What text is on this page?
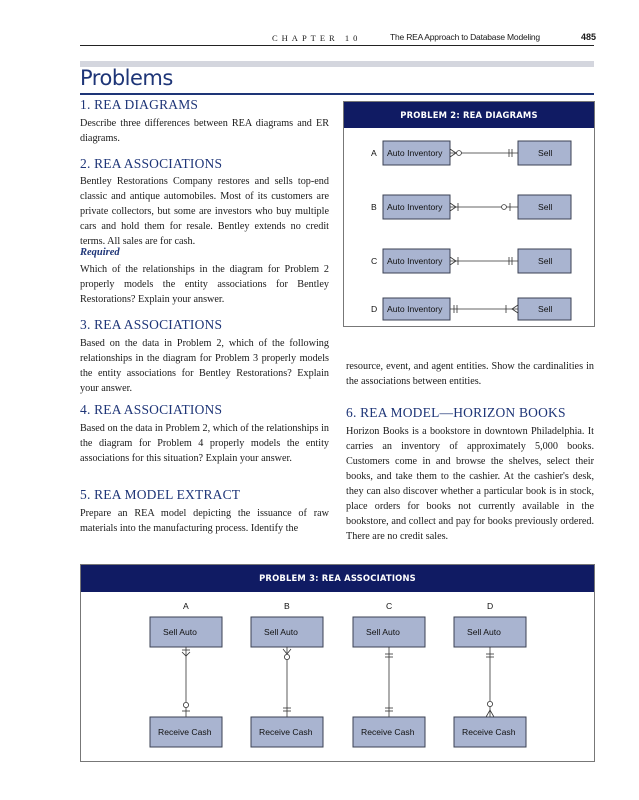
CHAPTER 10	The REA Approach to Database Modeling	485
Problems
1. REA DIAGRAMS

Describe three differences between REA diagrams and ER diagrams.

2. REA ASSOCIATIONS

Bentley Restorations Company restores and sells top-end classic and antique automobiles. Most of its customers are private collectors, but some are investors who buy multiple cars and hold them for resale. Bentley extends no credit terms. All sales are for cash.

Required

Which of the relationships in the diagram for Problem 2 properly models the entity associations for Bentley Restorations? Explain your answer.

3. REA ASSOCIATIONS

Based on the data in Problem 2, which of the following relationships in the diagram for Problem 3 properly models the entity associations for Bentley Restorations? Explain your answer.

4. REA ASSOCIATIONS

Based on the data in Problem 2, which of the relationships in the diagram for Problem 4 properly models the entity associations for this situation? Explain your answer.

5. REA MODEL EXTRACT

Prepare an REA model depicting the issuance of raw materials into the manufacturing process. Identify the

resource, event, and agent entities. Show the cardinalities in the associations between entities.

6. REA MODEL—HORIZON BOOKS

Horizon Books is a bookstore in downtown Philadelphia. It carries an inventory of approximately 5,000 books. Customers come in and browse the shelves, select their books, and take them to the cashier. At the cashier's desk, they can also discover whether a particular book is in stock, place orders for books not currently available in the bookstore, and collect and pay for books previously ordered. There are no credit sales.

PROBLEM 2: REA DIAGRAMS
A Auto Inventory	Sell
B Auto Inventory	Sell
C Auto Inventory	Sell
D Auto Inventory	Sell
PROBLEM 3: REA ASSOCIATIONS
A
Sell Auto
Receive Cash
B
Sell Auto
Receive Cash
C
Sell Auto
Receive Cash
D
Sell Auto
Receive Cash
